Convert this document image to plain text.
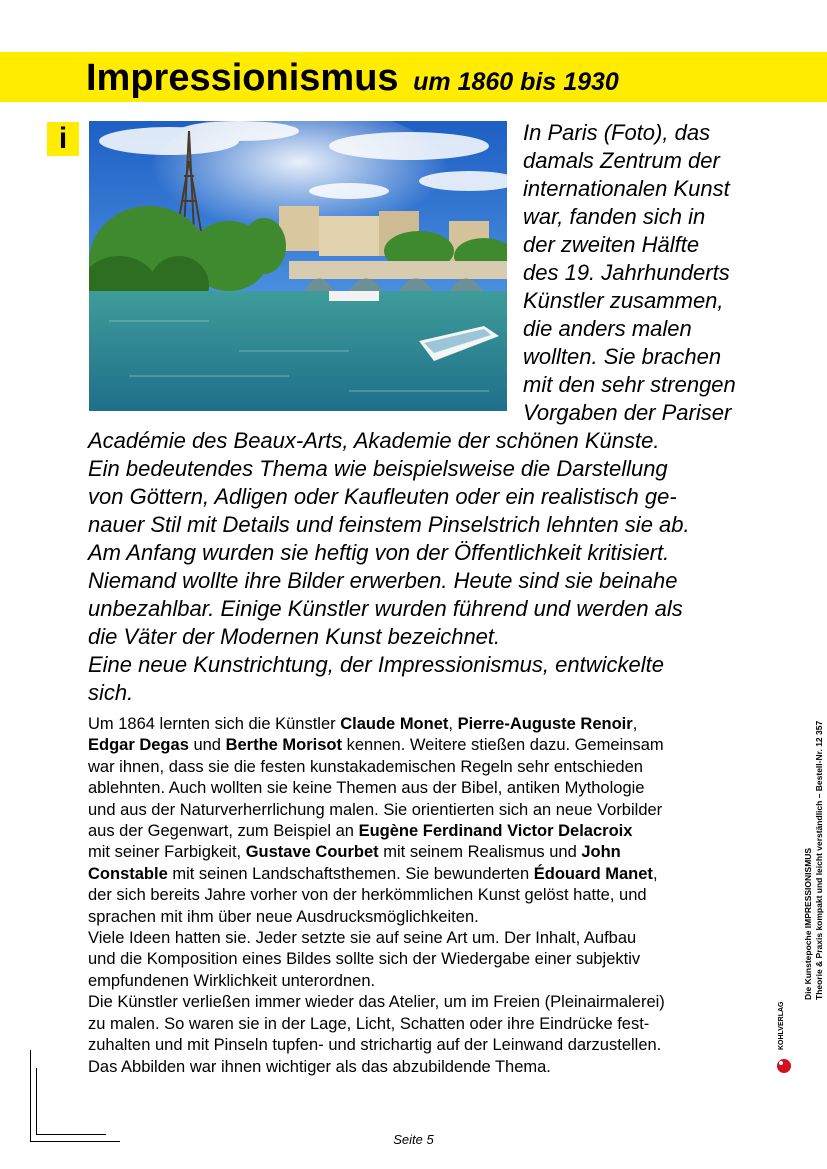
Impressionismus um 1860 bis 1930
i	In Paris (Foto), das
damals Zentrum der
internationalen Kunst
war, fanden sich in
der zweiten Hälfte
des 19. Jahrhunderts
Künstler zusammen,
die anders malen
wollten. Sie brachen
mit den sehr strengen
Vorgaben der Pariser
Académie des Beaux-Arts, Akademie der schönen Künste.
Ein bedeutendes Thema wie beispielsweise die Darstellung
von Göttern, Adligen oder Kaufleuten oder ein realistisch ge-
nauer Stil mit Details und feinstem Pinselstrich lehnten sie ab.
Am Anfang wurden sie heftig von der Öffentlichkeit kritisiert.
Niemand wollte ihre Bilder erwerben. Heute sind sie beinahe
unbezahlbar. Einige Künstler wurden führend und werden als
die Väter der Modernen Kunst bezeichnet.
Eine neue Kunstrichtung, der Impressionismus, entwickelte
sich.
Um 1864 lernten sich die Künstler Claude Monet, Pierre-Auguste Renoir,
Edgar Degas und Berthe Morisot kennen. Weitere stießen dazu. Gemeinsam
war ihnen, dass sie die festen kunstakademischen Regeln sehr entschieden
ablehnten. Auch wollten sie keine Themen aus der Bibel, antiken Mythologie
und aus der Naturverherrlichung malen. Sie orientierten sich an neue Vorbilder
aus der Gegenwart, zum Beispiel an Eugène Ferdinand Victor Delacroix
mit seiner Farbigkeit, Gustave Courbet mit seinem Realismus und John
Constable mit seinen Landschaftsthemen. Sie bewunderten Édouard Manet,
der sich bereits Jahre vorher von der herkömmlichen Kunst gelöst hatte, und
sprachen mit ihm über neue Ausdrucksmöglichkeiten.
Viele Ideen hatten sie. Jeder setzte sie auf seine Art um. Der Inhalt, Aufbau
und die Komposition eines Bildes sollte sich der Wiedergabe einer subjektiv
empfundenen Wirklichkeit unterordnen.
Die Künstler verließen immer wieder das Atelier, um im Freien (Pleinairmalerei)
zu malen. So waren sie in der Lage, Licht, Schatten oder ihre Eindrücke fest-
zuhalten und mit Pinseln tupfen- und strichartig auf der Leinwand darzustellen.
Das Abbilden war ihnen wichtiger als das abzubildende Thema.
Die Kunstepoche IMPRESSIONISMUS Theorie & Praxis kompakt und leicht verständlich – Bestell-Nr. 12 357
KOHLVERLAG
Seite 5
